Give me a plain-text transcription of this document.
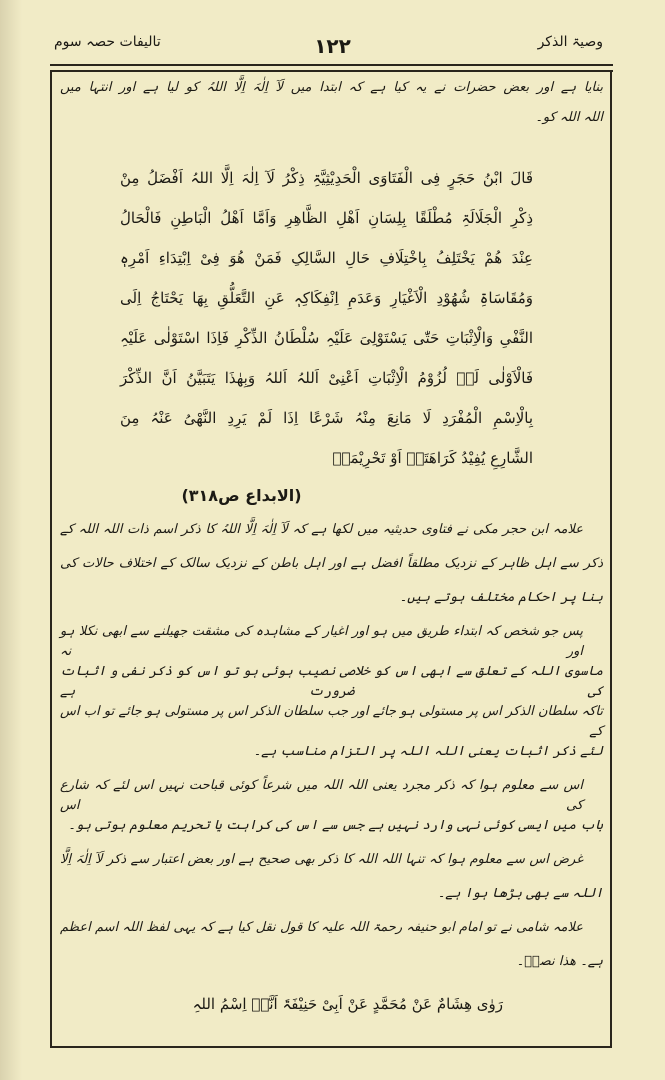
وصیۃ الذکر
۱۲۲
تالیفات حصہ سوم
بنایا ہے اور بعض حضرات نے یہ کیا ہے کہ ابتدا میں لَآ اِلٰہَ اِلَّا اللہُ کو لیا ہے اور انتہا میں
اللہ اللہ کو۔
قَالَ ابْنُ حَجَرٍ فِی الْفَتَاوَی الْحَدِیْثِیَّۃِ ذِکْرُ لَآ اِلٰہَ اِلَّا اللہُ اَفْضَلُ مِنْ
ذِکْرِ الْجَلَالَۃِ مُطْلَقًا بِلِسَانِ اَھْلِ الظَّاھِرِ وَاَمَّا اَھْلُ الْبَاطِنِ فَالْحَالُ
عِنْدَ ھُمْ یَخْتَلِفُ بِاخْتِلَافِ حَالِ السَّالِکِ فَمَنْ ھُوَ فِیْ اِبْتِدَاءِ اَمْرِہٖ
وَمُقَاسَاۃِ شُھُوْدِ الْاَغْیَارِ وَعَدَمِ اِنْفِکَاکِہٖ عَنِ التَّعَلُّقِ بِھَا یَحْتَاجُ اِلَی
النَّفْیِ وَالْاِثْبَاتِ حَتّٰی یَسْتَوْلِیَ عَلَیْہِ سُلْطَانُ الذِّکْرِ فَاِذَا اسْتَوْلٰی عَلَیْہِ
فَالْاَوْلٰی لَہٗ لُزُوْمُ الْاِثْبَاتِ اَعْنِیْ اَللہُ اَللہُ وَبِھٰذَا یَتَبَیَّنُ اَنَّ الذِّکْرَ
بِالْاِسْمِ الْمُفْرَدِ لَا مَانِعَ مِنْہُ شَرْعًا اِذَا لَمْ یَرِدِ النَّھْیُ عَنْہُ مِنَ
الشَّارِعِ یُفِیْدُ کَرَاھَتَہٗ اَوْ تَحْرِیْمَہٗ
(الابداع ص۳۱۸)
علامہ ابن حجر مکی نے فتاوی حدیثیہ میں لکھا ہے کہ لَآ اِلٰہَ اِلَّا اللہُ کا ذکر اسم ذات اللہ اللہ کے
ذکر سے اہل ظاہر کے نزدیک مطلقاً افضل ہے اور اہل باطن کے نزدیک سالک کے اختلاف حالات کی
بنا پر احکام مختلف ہوتے ہیں۔
پس جو شخص کہ ابتداء طریق میں ہو اور اغیار کے مشاہدہ کی مشقت جھیلنے سے ابھی نکلا ہو اور نہ
ماسوی اللہ کے تعلق سے ابھی اس کو خلاصی نصیب ہوئی ہو تو اس کو ذکر نفی و اثبات کی ضرورت ہے
تاکہ سلطان الذکر اس پر مستولی ہو جائے اور جب سلطان الذکر اس پر مستولی ہو جائے تو اب اس کے
لئے ذکر اثبات یعنی اللہ اللہ پر التزام مناسب ہے۔
اس سے معلوم ہوا کہ ذکر مجرد یعنی اللہ اللہ میں شرعاً کوئی قباحت نہیں اس لئے کہ شارع کی اس
باب میں ایسی کوئی نہی وارد نہیں ہے جس سے اس کی کراہت یا تحریم معلوم ہوتی ہو۔
غرض اس سے معلوم ہوا کہ تنہا اللہ اللہ کا ذکر بھی صحیح ہے اور بعض اعتبار سے ذکر لَآ اِلٰہَ اِلَّا
اللہ سے بھی بڑھا ہوا ہے۔
علامہ شامی نے تو امام ابو حنیفہ رحمۃ اللہ علیہ کا قول نقل کیا ہے کہ یہی لفظ اللہ اسم اعظم
ہے۔ ھذا نصہٗ۔
رَوٰی ھِشَامٌ عَنْ مُحَمَّدٍ عَنْ اَبِیْ حَنِیْفَۃَ اَنَّہٗ اِسْمُ اللہِ
